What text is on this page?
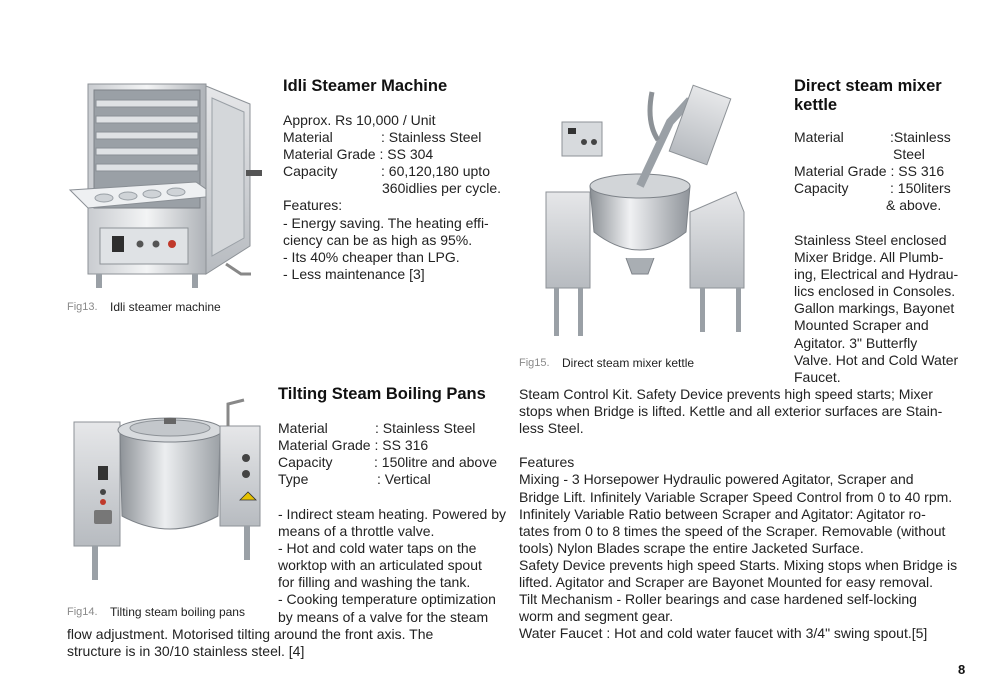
Fig13. Idli steamer machine
Idli Steamer Machine
Approx. Rs 10,000 / Unit
Material	: Stainless Steel
Material Grade : SS 304
Capacity	: 60,120,180 upto
360idlies per cycle.
Features:
- Energy saving. The heating effi-
ciency can be as high as 95%.
- Its 40% cheaper than LPG.
- Less maintenance [3]
Fig14. Tilting steam boiling pans
Tilting Steam Boiling Pans
Material	: Stainless Steel
Material Grade : SS 316
Capacity	: 150litre and above
Type	: Vertical
- Indirect steam heating. Powered by
means of a throttle valve.
- Hot and cold water taps on the
worktop with an articulated spout
for filling and washing the tank.
- Cooking temperature optimization
by means of a valve for the steam
flow adjustment. Motorised tilting around the front axis. The
structure is in 30/10 stainless steel. [4]
Fig15. Direct steam mixer kettle
Direct steam mixer
kettle
Material	:Stainless
Steel
Material Grade : SS 316
Capacity	: 150liters
& above.
Stainless Steel enclosed
Mixer Bridge. All Plumb-
ing, Electrical and Hydrau-
lics enclosed in Consoles.
Gallon markings, Bayonet
Mounted Scraper and
Agitator. 3" Butterfly
Valve. Hot and Cold Water
Faucet.
Steam Control Kit. Safety Device prevents high speed starts; Mixer
stops when Bridge is lifted. Kettle and all exterior surfaces are Stain-
less Steel.
Features
Mixing - 3 Horsepower Hydraulic powered Agitator, Scraper and
Bridge Lift. Infinitely Variable Scraper Speed Control from 0 to 40 rpm.
Infinitely Variable Ratio between Scraper and Agitator: Agitator ro-
tates from 0 to 8 times the speed of the Scraper. Removable (without
tools) Nylon Blades scrape the entire Jacketed Surface.
Safety Device prevents high speed Starts. Mixing stops when Bridge is
lifted. Agitator and Scraper are Bayonet Mounted for easy removal.
Tilt Mechanism - Roller bearings and case hardened self-locking
worm and segment gear.
Water Faucet : Hot and cold water faucet with 3/4" swing spout.[5]
8
